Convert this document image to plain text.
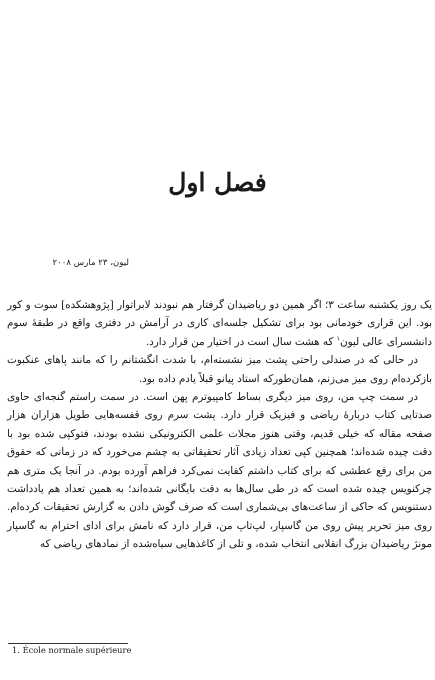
فصل اول
لیون، ۲۳ مارس ۲۰۰۸

یک روز یکشنبه ساعت ۳؛ اگر همین دو ریاضیدان گرفتار هم نبودند لابراتوار [پژوهشکده] سوت و کور بود. این قراری خودمانی بود برای تشکیل جلسه‌ای کاری در آرامش در دفتری واقع در طبقهٔ سوم دانشسرای عالی لیون$^۱$ که هشت سال است در اختیار من قرار دارد.

در حالی که در صندلی راحتی پشت میز نشسته‌ام، با شدت انگشتانم را که مانند پاهای عنکبوت بازکرده‌ام روی میز می‌زنم، همان‌طورکه استاد پیانو قبلاً یادم داده بود.

در سمت چپ من، روی میز دیگری بساط کامپیوترم پهن است. در سمت راستم گنجه‌ای حاوی صدتایی کتاب دربارهٔ ریاضی و فیزیک قرار دارد. پشت سرم روی قفسه‌هایی طویل هزاران هزار صفحه مقاله که خیلی قدیم، وقتی هنوز مجلات علمی الکترونیکی نشده بودند، فتوکپی شده بود با دقت چیده شده‌اند؛ همچنین کپی تعداد زیادی آثار تحقیقاتی به چشم می‌خورد که در زمانی که حقوق من برای رفع عطشی که برای کتاب داشتم کفایت نمی‌کرد فراهم آورده بودم. در آنجا یک متری هم چرکنویس چیده شده است که در طی سال‌ها به دقت بایگانی شده‌اند؛ به همین تعداد هم یادداشت دستنویس که حاکی از ساعت‌های بی‌شماری است که صرف گوش دادن به گزارش تحقیقات کرده‌ام. روی میز تحریر پیش روی من گاسپار، لپ‌تاپ من، قرار دارد که نامش برای ادای احترام به گاسپار مونژ ریاضیدان بزرگ انقلابی انتخاب شده، و تلی از کاغذهایی سیاه‌شده از نمادهای ریاضی که

1. École normale supérieure
